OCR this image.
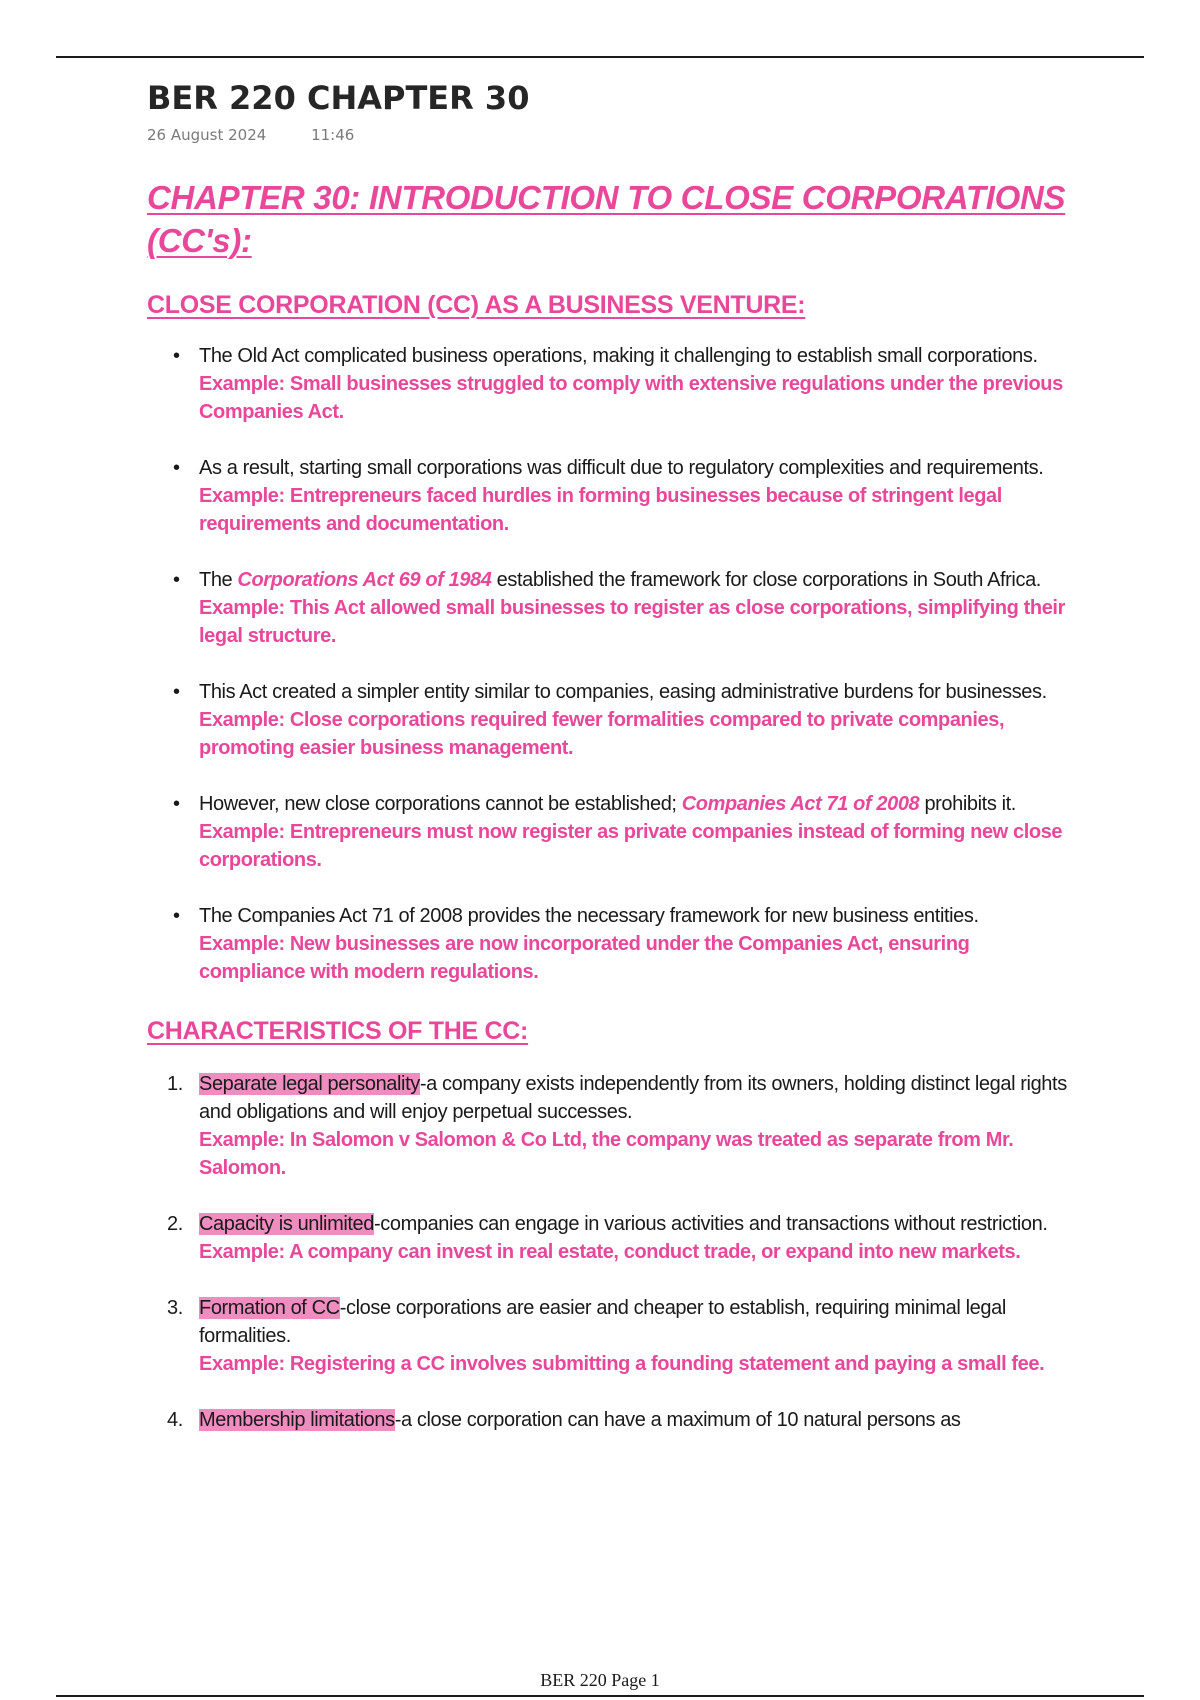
BER 220 CHAPTER 30
26 August 2024	11:46
CHAPTER 30: INTRODUCTION TO CLOSE CORPORATIONS (CC's):
CLOSE CORPORATION (CC) AS A BUSINESS VENTURE:
• The Old Act complicated business operations, making it challenging to establish small corporations.
Example: Small businesses struggled to comply with extensive regulations under the previous Companies Act.
• As a result, starting small corporations was difficult due to regulatory complexities and requirements.
Example: Entrepreneurs faced hurdles in forming businesses because of stringent legal requirements and documentation.
• The Corporations Act 69 of 1984 established the framework for close corporations in South Africa.
Example: This Act allowed small businesses to register as close corporations, simplifying their legal structure.
• This Act created a simpler entity similar to companies, easing administrative burdens for businesses.
Example: Close corporations required fewer formalities compared to private companies, promoting easier business management.
• However, new close corporations cannot be established; Companies Act 71 of 2008 prohibits it.
Example: Entrepreneurs must now register as private companies instead of forming new close corporations.
• The Companies Act 71 of 2008 provides the necessary framework for new business entities.
Example: New businesses are now incorporated under the Companies Act, ensuring compliance with modern regulations.
CHARACTERISTICS OF THE CC:
1. Separate legal personality-a company exists independently from its owners, holding distinct legal rights and obligations and will enjoy perpetual successes.
Example: In Salomon v Salomon & Co Ltd, the company was treated as separate from Mr. Salomon.
2. Capacity is unlimited-companies can engage in various activities and transactions without restriction.
Example: A company can invest in real estate, conduct trade, or expand into new markets.
3. Formation of CC-close corporations are easier and cheaper to establish, requiring minimal legal formalities.
Example: Registering a CC involves submitting a founding statement and paying a small fee.
4. Membership limitations-a close corporation can have a maximum of 10 natural persons as
BER 220 Page 1
